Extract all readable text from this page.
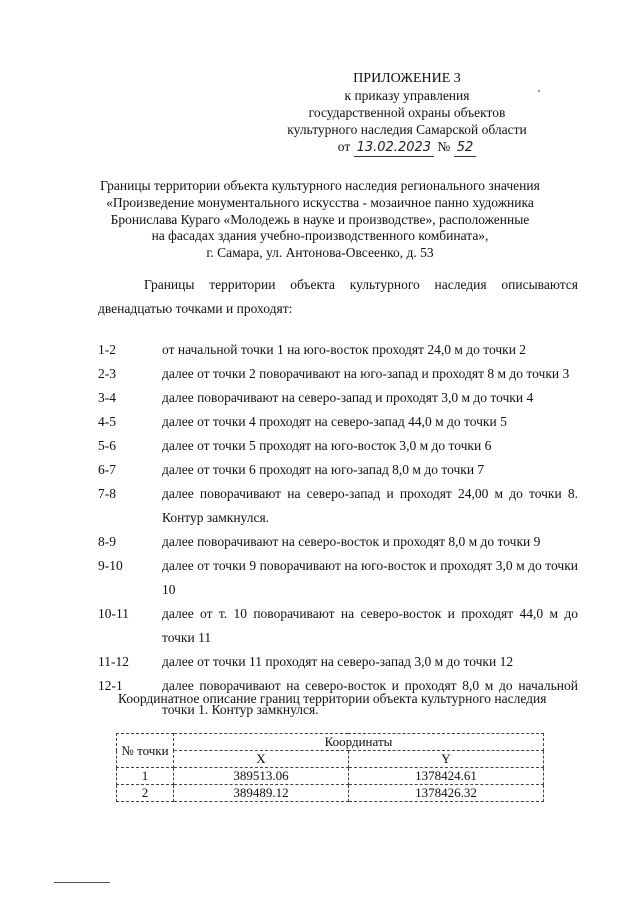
ПРИЛОЖЕНИЕ 3
к приказу управления
государственной охраны объектов
культурного наследия Самарской области
от 13.02.2023 № 52
Границы территории объекта культурного наследия регионального значения
«Произведение монументального искусства - мозаичное панно художника
Бронислава Кураго «Молодежь в науке и производстве», расположенные
на фасадах здания учебно-производственного комбината»,
г. Самара, ул. Антонова-Овсеенко, д. 53
Границы территории объекта культурного наследия описываются
двенадцатью точками и проходят:
1-2	от начальной точки 1 на юго-восток проходят 24,0 м до точки 2
2-3	далее от точки 2 поворачивают на юго-запад и проходят 8 м до точки 3
3-4	далее поворачивают на северо-запад и проходят 3,0 м до точки 4
4-5	далее от точки 4 проходят на северо-запад 44,0 м до точки 5
5-6	далее от точки 5 проходят на юго-восток 3,0 м до точки 6
6-7	далее от точки 6 проходят на юго-запад 8,0 м до точки 7
7-8	далее поворачивают на северо-запад и проходят 24,00 м до точки 8. Контур замкнулся.
8-9	далее поворачивают на северо-восток и проходят 8,0 м до точки 9
9-10	далее от точки 9 поворачивают на юго-восток и проходят 3,0 м до точки 10
10-11	далее от т. 10 поворачивают на северо-восток и проходят 44,0 м до точки 11
11-12	далее от точки 11 проходят на северо-запад 3,0 м до точки 12
12-1	далее поворачивают на северо-восток и проходят 8,0 м до начальной точки 1. Контур замкнулся.
Координатное описание границ территории объекта культурного наследия
№ точки	Координаты	
	X	Y
1	389513.06	1378424.61
2	389489.12	1378426.32
